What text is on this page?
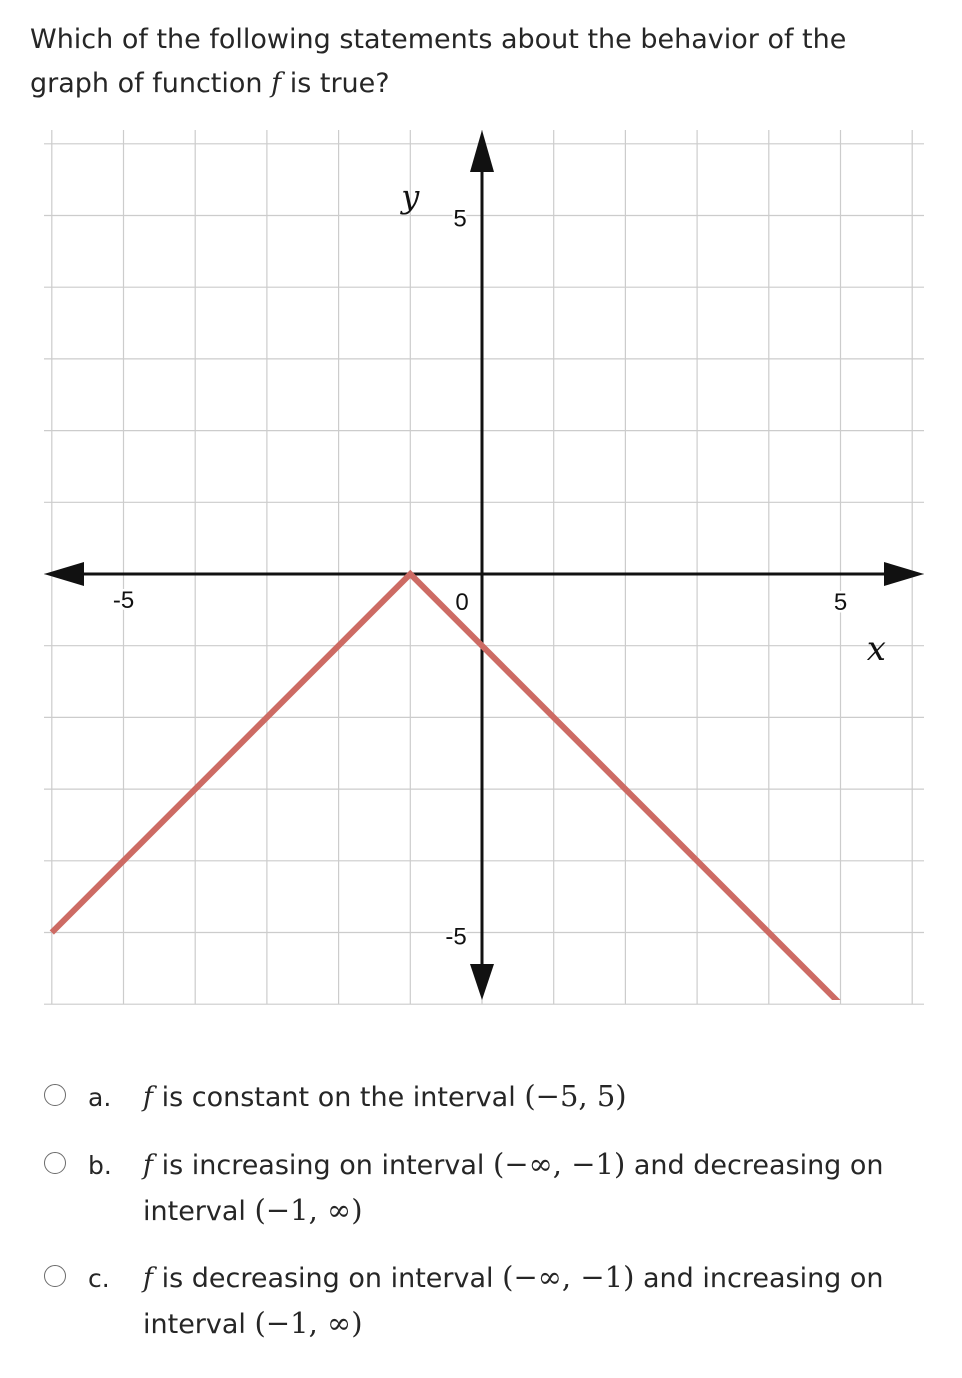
Which of the following statements about the behavior of the graph of function f is true?

-5	0	5
5
-5
x
y
a. f is constant on the interval (−5, 5)
b. f is increasing on interval (−∞, −1) and decreasing on interval (−1, ∞)
c. f is decreasing on interval (−∞, −1) and increasing on interval (−1, ∞)
